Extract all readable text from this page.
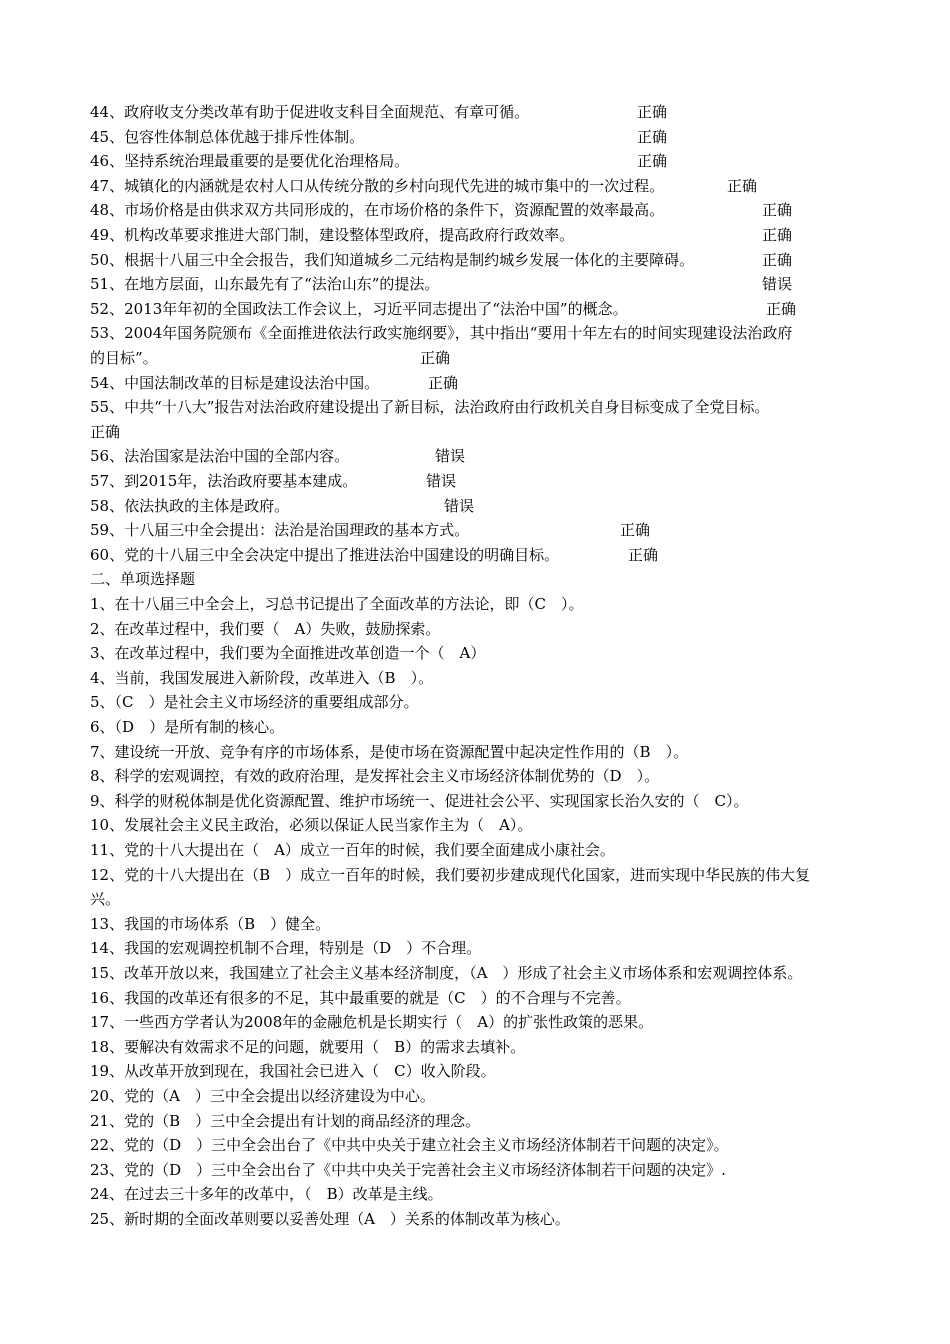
44、政府收支分类改革有助于促进收支科目全面规范、有章可循。	正确
45、包容性体制总体优越于排斥性体制。	正确
46、坚持系统治理最重要的是要优化治理格局。	正确
47、城镇化的内涵就是农村人口从传统分散的乡村向现代先进的城市集中的一次过程。	正确
48、市场价格是由供求双方共同形成的，在市场价格的条件下，资源配置的效率最高。	正确
49、机构改革要求推进大部门制，建设整体型政府，提高政府行政效率。	正确
50、根据十八届三中全会报告，我们知道城乡二元结构是制约城乡发展一体化的主要障碍。	正确
51、在地方层面，山东最先有了“法治山东”的提法。	错误
52、2013年年初的全国政法工作会议上，习近平同志提出了“法治中国”的概念。	正确
53、2004年国务院颁布《全面推进依法行政实施纲要》，其中指出“要用十年左右的时间实现建设法治政府
的目标”。	正确
54、中国法制改革的目标是建设法治中国。	正确
55、中共“十八大”报告对法治政府建设提出了新目标，法治政府由行政机关自身目标变成了全党目标。
正确
56、法治国家是法治中国的全部内容。	错误
57、到2015年，法治政府要基本建成。	错误
58、依法执政的主体是政府。	错误
59、十八届三中全会提出：法治是治国理政的基本方式。	正确
60、党的十八届三中全会决定中提出了推进法治中国建设的明确目标。	正确
二、单项选择题
1、在十八届三中全会上，习总书记提出了全面改革的方法论，即（C　）。
2、在改革过程中，我们要（　A）失败，鼓励探索。
3、在改革过程中，我们要为全面推进改革创造一个（　A）
4、当前，我国发展进入新阶段，改革进入（B　）。
5、（C　）是社会主义市场经济的重要组成部分。
6、（D　）是所有制的核心。
7、建设统一开放、竞争有序的市场体系，是使市场在资源配置中起决定性作用的（B　）。
8、科学的宏观调控，有效的政府治理，是发挥社会主义市场经济体制优势的（D　）。
9、科学的财税体制是优化资源配置、维护市场统一、促进社会公平、实现国家长治久安的（　C）。
10、发展社会主义民主政治，必须以保证人民当家作主为（　A）。
11、党的十八大提出在（　A）成立一百年的时候，我们要全面建成小康社会。
12、党的十八大提出在（B　）成立一百年的时候，我们要初步建成现代化国家，进而实现中华民族的伟大复
兴。
13、我国的市场体系（B　）健全。
14、我国的宏观调控机制不合理，特别是（D　）不合理。
15、改革开放以来，我国建立了社会主义基本经济制度，（A　）形成了社会主义市场体系和宏观调控体系。
16、我国的改革还有很多的不足，其中最重要的就是（C　）的不合理与不完善。
17、一些西方学者认为2008年的金融危机是长期实行（　A）的扩张性政策的恶果。
18、要解决有效需求不足的问题，就要用（　B）的需求去填补。
19、从改革开放到现在，我国社会已进入（　C）收入阶段。
20、党的（A　）三中全会提出以经济建设为中心。
21、党的（B　）三中全会提出有计划的商品经济的理念。
22、党的（D　）三中全会出台了《中共中央关于建立社会主义市场经济体制若干问题的决定》。
23、党的（D　）三中全会出台了《中共中央关于完善社会主义市场经济体制若干问题的决定》.
24、在过去三十多年的改革中，（　B）改革是主线。
25、新时期的全面改革则要以妥善处理（A　）关系的体制改革为核心。
